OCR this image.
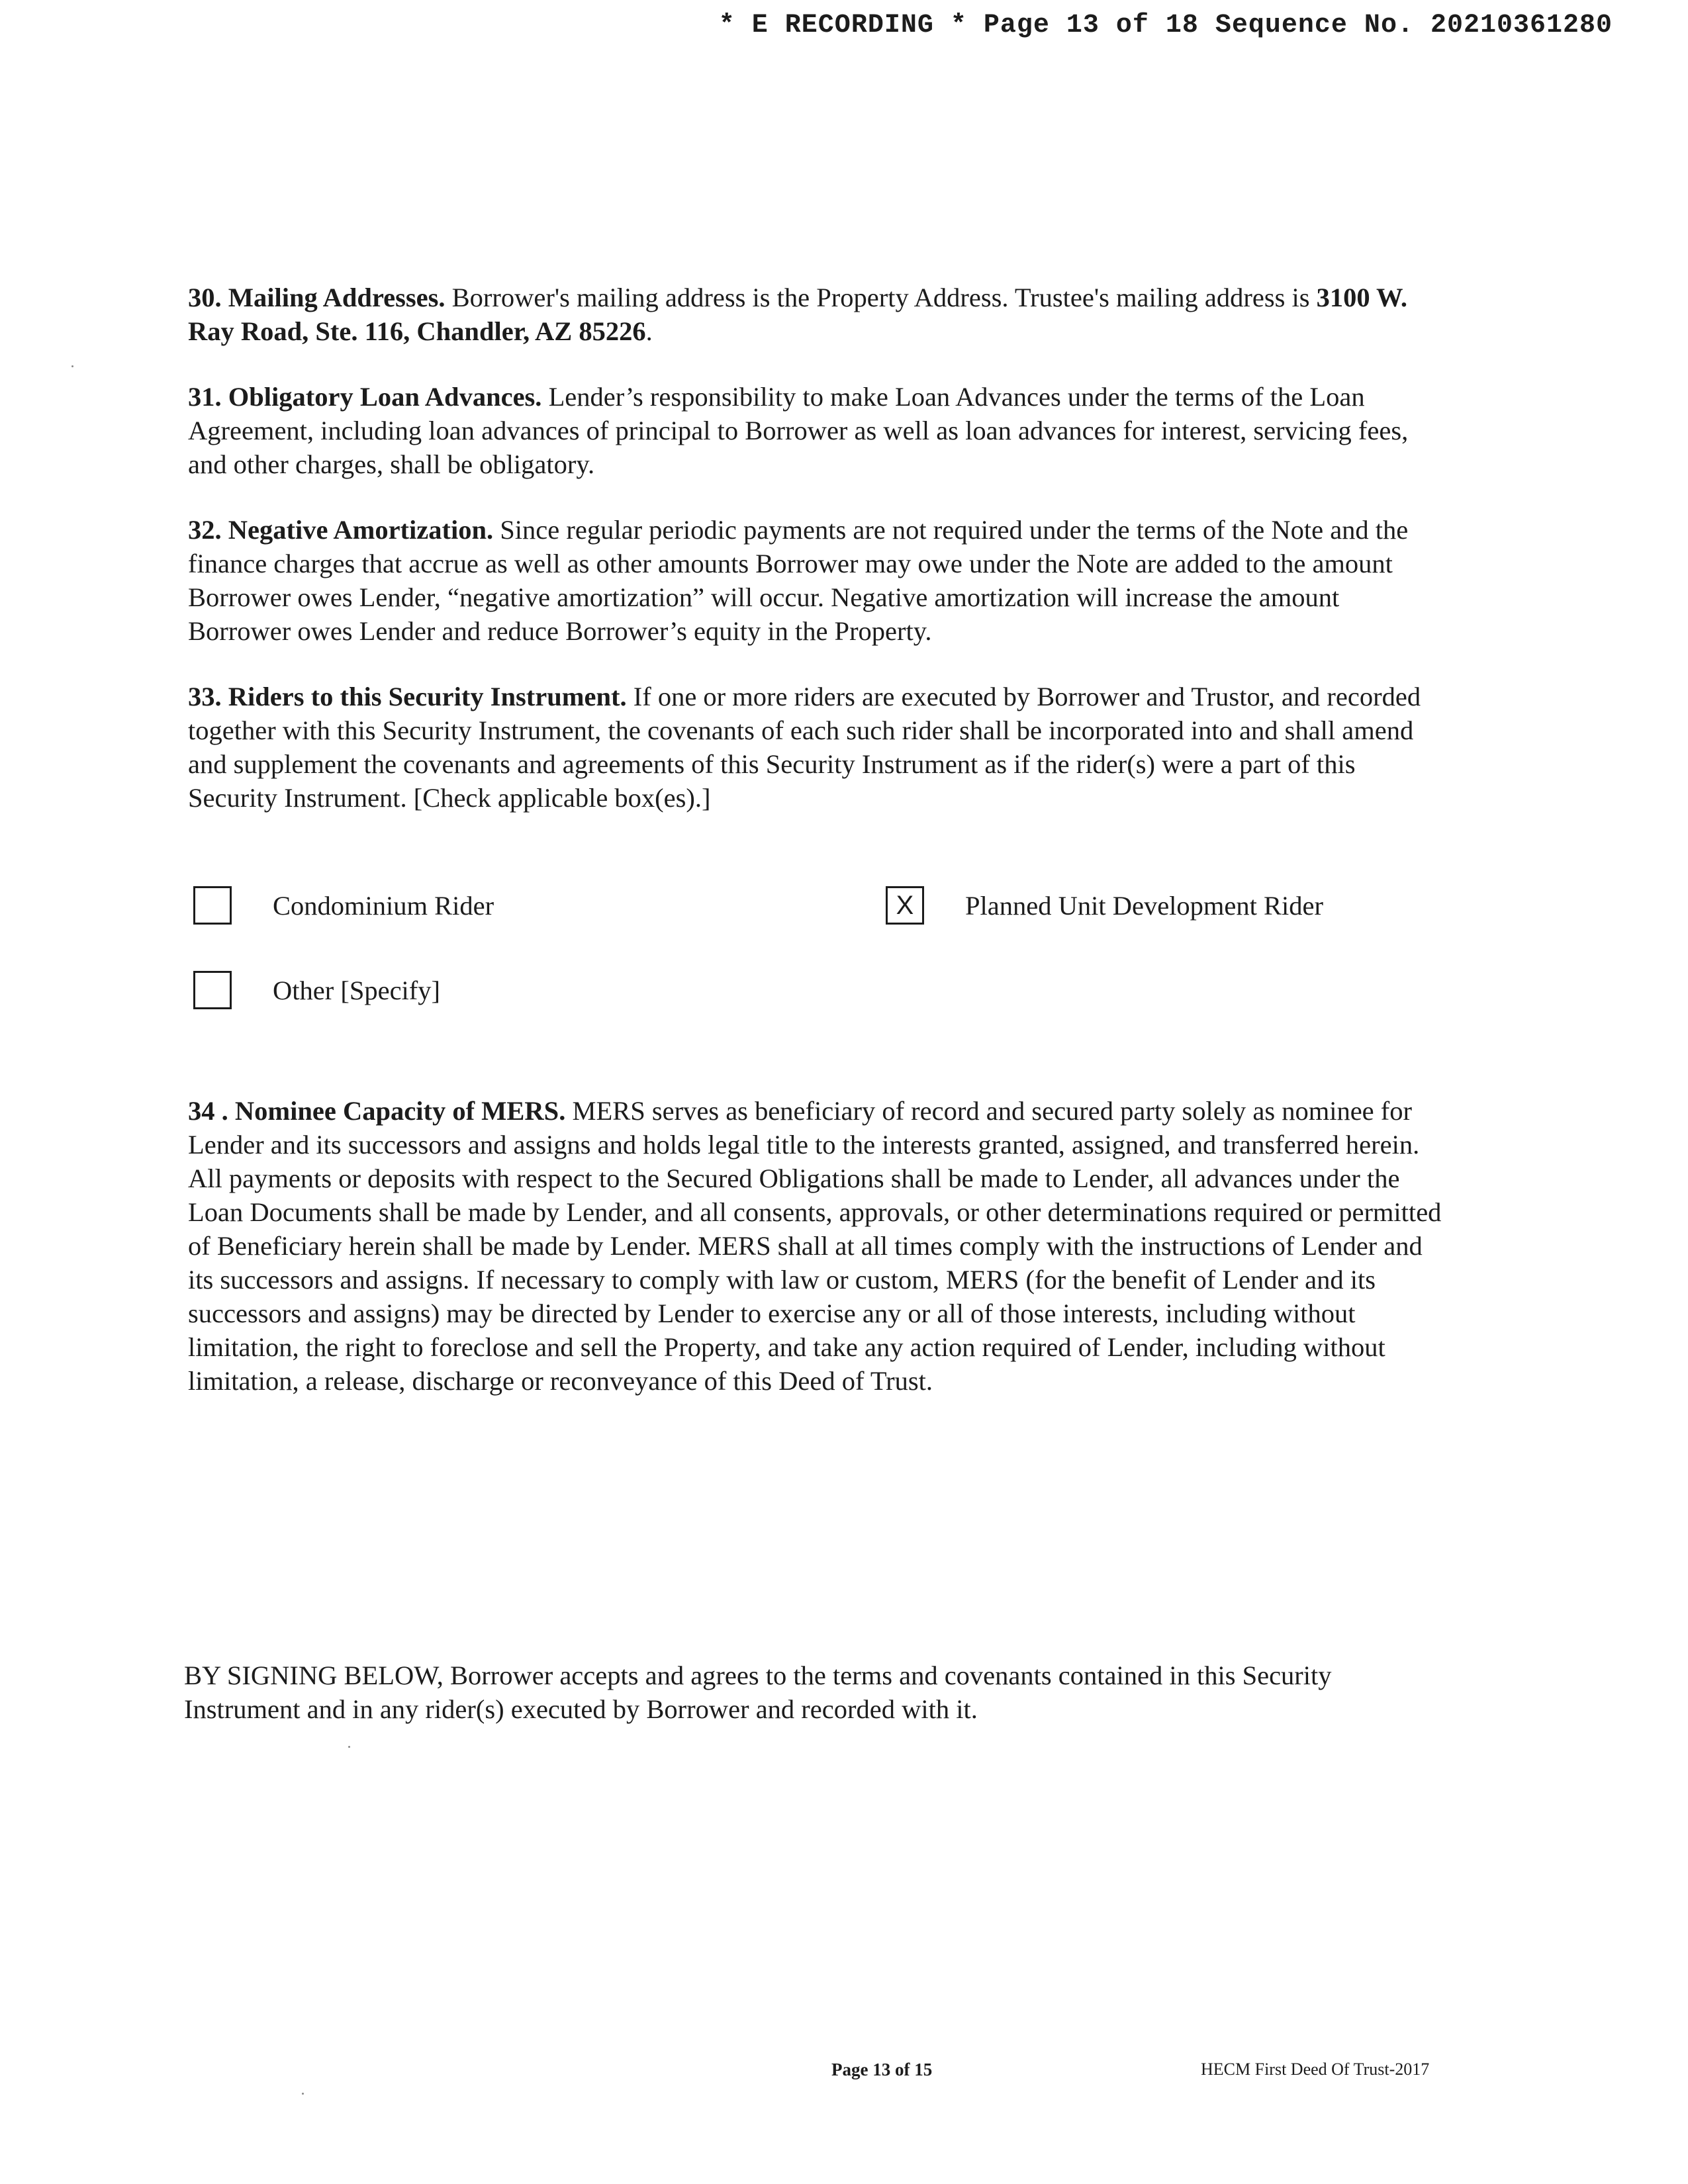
* E RECORDING * Page 13 of 18 Sequence No. 20210361280

30. Mailing Addresses. Borrower's mailing address is the Property Address. Trustee's mailing address is 3100 W. Ray Road, Ste. 116, Chandler, AZ 85226.

31. Obligatory Loan Advances. Lender’s responsibility to make Loan Advances under the terms of the Loan Agreement, including loan advances of principal to Borrower as well as loan advances for interest, servicing fees, and other charges, shall be obligatory.

32. Negative Amortization. Since regular periodic payments are not required under the terms of the Note and the finance charges that accrue as well as other amounts Borrower may owe under the Note are added to the amount Borrower owes Lender, “negative amortization” will occur. Negative amortization will increase the amount Borrower owes Lender and reduce Borrower’s equity in the Property.

33. Riders to this Security Instrument. If one or more riders are executed by Borrower and Trustor, and recorded together with this Security Instrument, the covenants of each such rider shall be incorporated into and shall amend and supplement the covenants and agreements of this Security Instrument as if the rider(s) were a part of this Security Instrument. [Check applicable box(es).]

Condominium Rider	X	Planned Unit Development Rider
Other [Specify]

34 . Nominee Capacity of MERS. MERS serves as beneficiary of record and secured party solely as nominee for Lender and its successors and assigns and holds legal title to the interests granted, assigned, and transferred herein. All payments or deposits with respect to the Secured Obligations shall be made to Lender, all advances under the Loan Documents shall be made by Lender, and all consents, approvals, or other determinations required or permitted of Beneficiary herein shall be made by Lender. MERS shall at all times comply with the instructions of Lender and its successors and assigns. If necessary to comply with law or custom, MERS (for the benefit of Lender and its successors and assigns) may be directed by Lender to exercise any or all of those interests, including without limitation, the right to foreclose and sell the Property, and take any action required of Lender, including without limitation, a release, discharge or reconveyance of this Deed of Trust.

BY SIGNING BELOW, Borrower accepts and agrees to the terms and covenants contained in this Security Instrument and in any rider(s) executed by Borrower and recorded with it.

Page 13 of 15	HECM First Deed Of Trust-2017
